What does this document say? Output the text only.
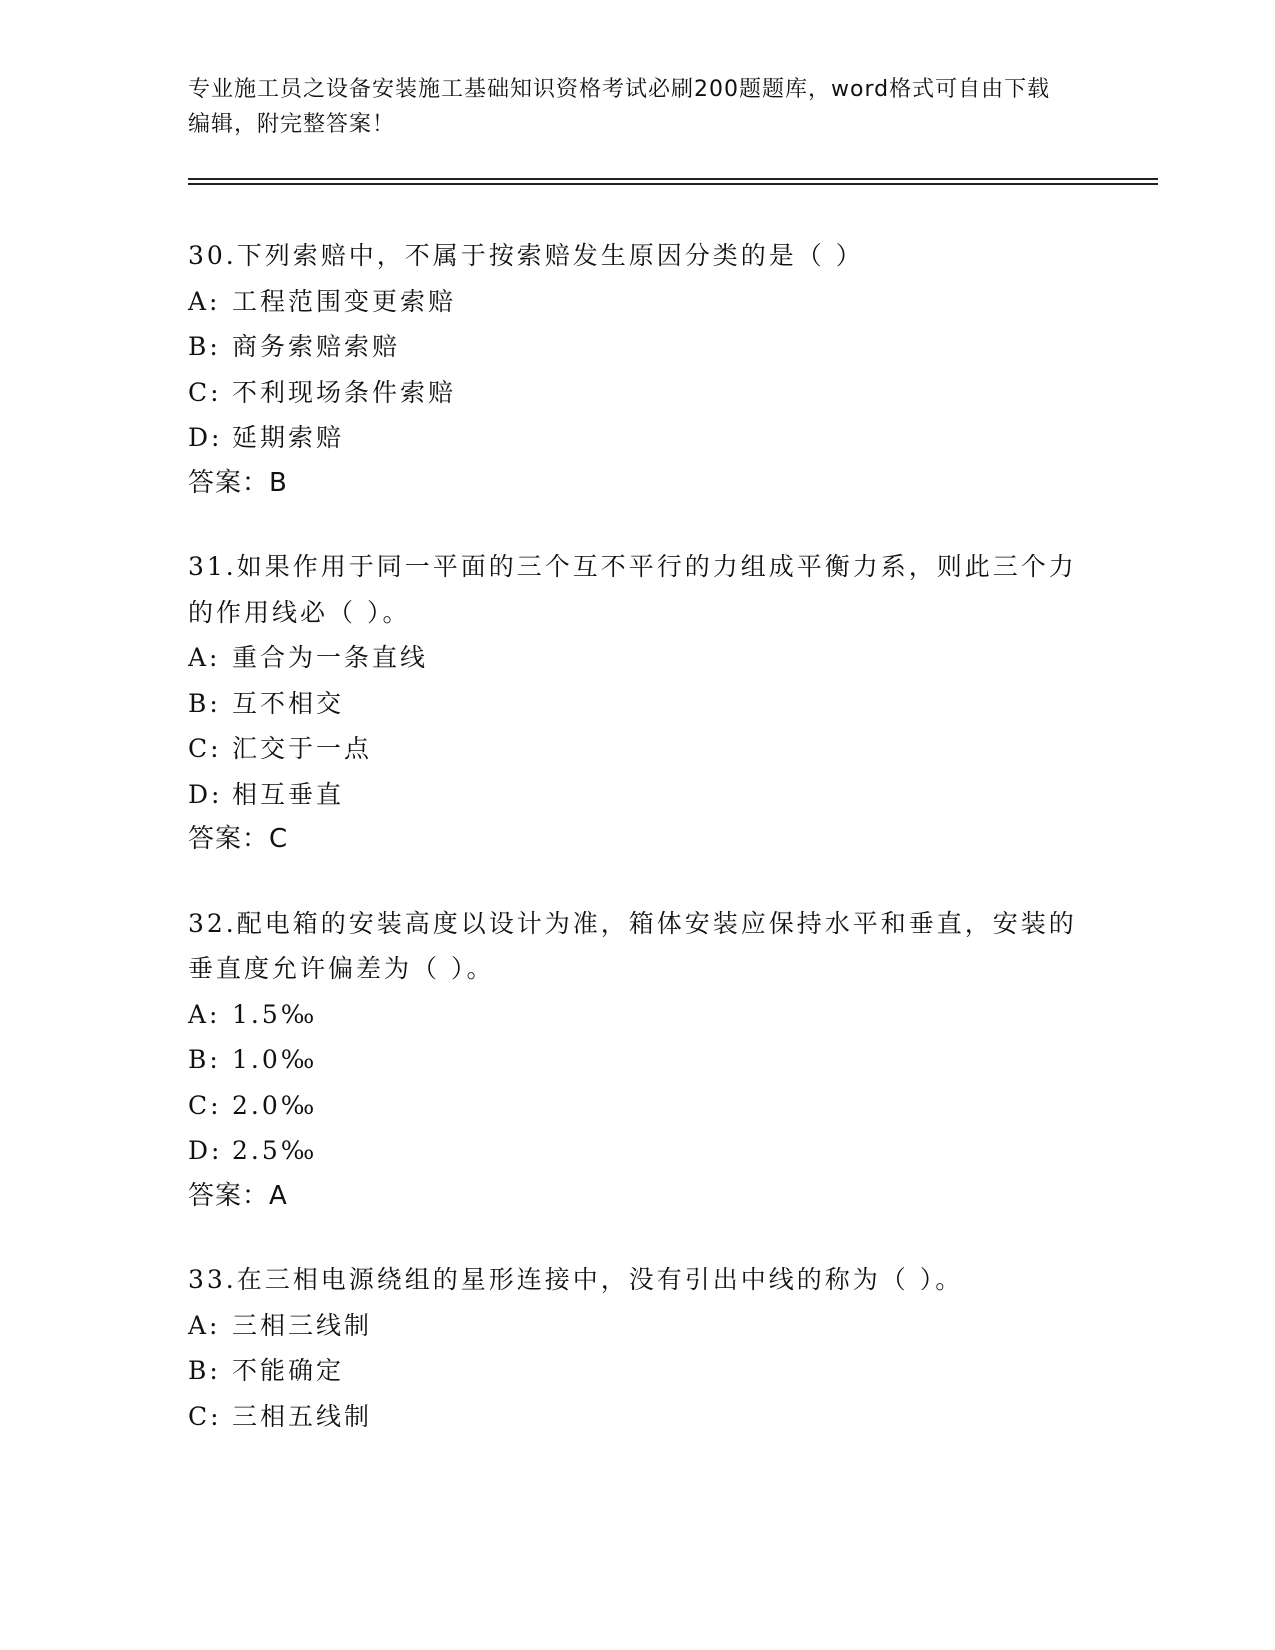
专业施工员之设备安装施工基础知识资格考试必刷200题题库，word格式可自由下载编辑，附完整答案！

30.下列索赔中，不属于按索赔发生原因分类的是（ ）

A: 工程范围变更索赔

B: 商务索赔索赔

C: 不利现场条件索赔

D: 延期索赔

答案：B

31.如果作用于同一平面的三个互不平行的力组成平衡力系，则此三个力的作用线必（ ）。

A: 重合为一条直线

B: 互不相交

C: 汇交于一点

D: 相互垂直

答案：C

32.配电箱的安装高度以设计为准，箱体安装应保持水平和垂直，安装的垂直度允许偏差为（ ）。

A: 1.5‰

B: 1.0‰

C: 2.0‰

D: 2.5‰

答案：A

33.在三相电源绕组的星形连接中，没有引出中线的称为（ ）。

A: 三相三线制

B: 不能确定

C: 三相五线制
